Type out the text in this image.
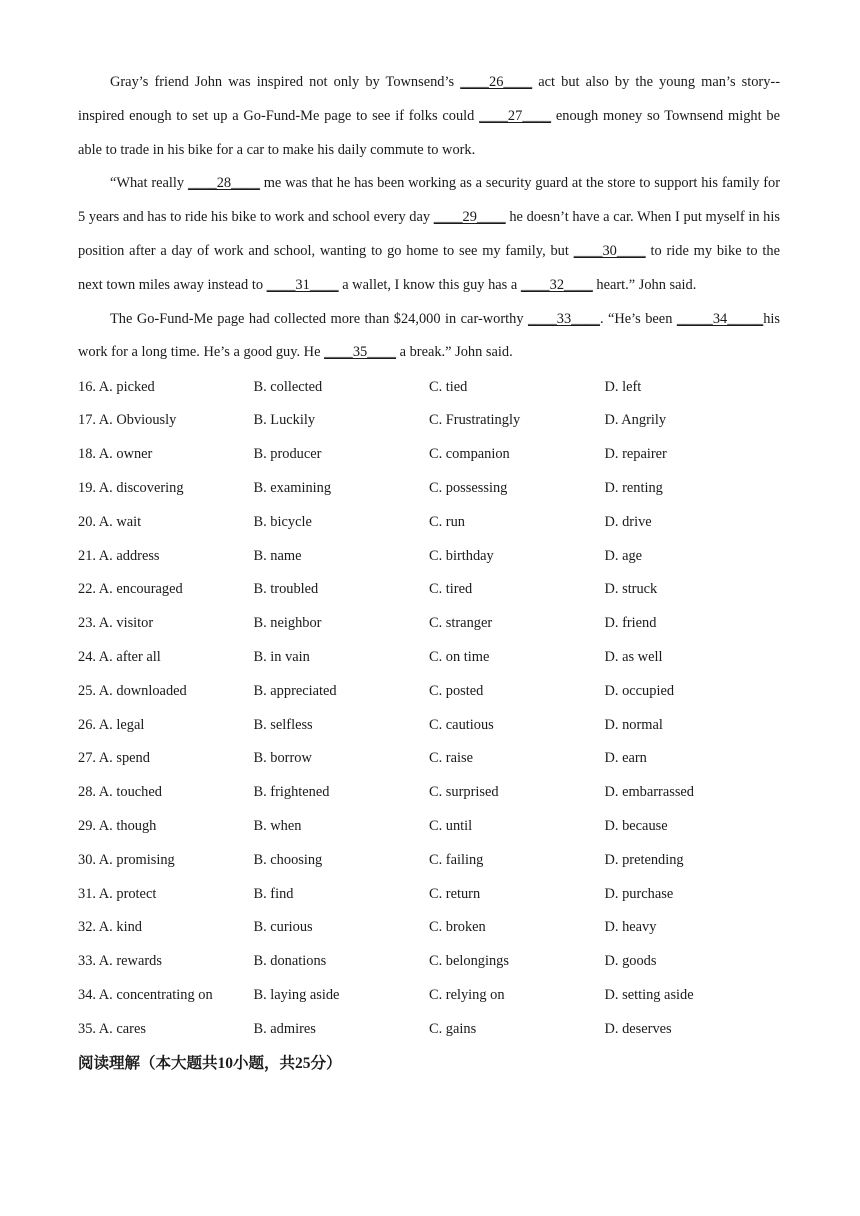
Gray’s friend John was inspired not only by Townsend’s ____26____ act but also by the young man’s story--inspired enough to set up a Go-Fund-Me page to see if folks could ____27____ enough money so Townsend might be able to trade in his bike for a car to make his daily commute to work.

“What really ____28____ me was that he has been working as a security guard at the store to support his family for 5 years and has to ride his bike to work and school every day ____29____ he doesn’t have a car. When I put myself in his position after a day of work and school, wanting to go home to see my family, but ____30____ to ride my bike to the next town miles away instead to ____31____ a wallet, I know this guy has a ____32____ heart.” John said.

The Go-Fund-Me page had collected more than $24,000 in car-worthy ____33____. “He’s been _____34_____his work for a long time. He’s a good guy. He ____35____ a break.” John said.

16. A. picked	B. collected	C. tied	D. left
17. A. Obviously	B. Luckily	C. Frustratingly	D. Angrily
18. A. owner	B. producer	C. companion	D. repairer
19. A. discovering	B. examining	C. possessing	D. renting
20. A. wait	B. bicycle	C. run	D. drive
21. A. address	B. name	C. birthday	D. age
22. A. encouraged	B. troubled	C. tired	D. struck
23. A. visitor	B. neighbor	C. stranger	D. friend
24. A. after all	B. in vain	C. on time	D. as well
25. A. downloaded	B. appreciated	C. posted	D. occupied
26. A. legal	B. selfless	C. cautious	D. normal
27. A. spend	B. borrow	C. raise	D. earn
28. A. touched	B. frightened	C. surprised	D. embarrassed
29. A. though	B. when	C. until	D. because
30. A. promising	B. choosing	C. failing	D. pretending
31. A. protect	B. find	C. return	D. purchase
32. A. kind	B. curious	C. broken	D. heavy
33. A. rewards	B. donations	C. belongings	D. goods
34. A. concentrating on	B. laying aside	C. relying on	D. setting aside
35. A. cares	B. admires	C. gains	D. deserves
阅读理解（本大题共10小题，共25分）
